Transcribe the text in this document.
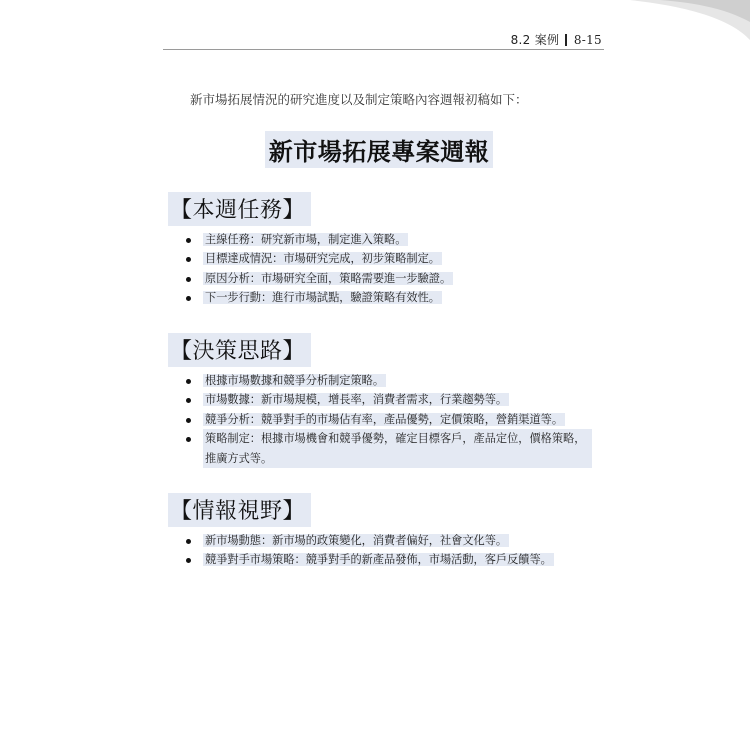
8.2 案例 8-15
新市場拓展情況的研究進度以及制定策略內容週報初稿如下：
新市場拓展專案週報
【本週任務】
主線任務：研究新市場，制定進入策略。
目標達成情況：市場研究完成，初步策略制定。
原因分析：市場研究全面，策略需要進一步驗證。
下一步行動：進行市場試點，驗證策略有效性。
【決策思路】
根據市場數據和競爭分析制定策略。
市場數據：新市場規模，增長率，消費者需求，行業趨勢等。
競爭分析：競爭對手的市場佔有率，產品優勢，定價策略，營銷渠道等。
策略制定：根據市場機會和競爭優勢，確定目標客戶，產品定位，價格策略，推廣方式等。
【情報視野】
新市場動態：新市場的政策變化，消費者偏好，社會文化等。
競爭對手市場策略：競爭對手的新產品發佈，市場活動，客戶反饋等。
